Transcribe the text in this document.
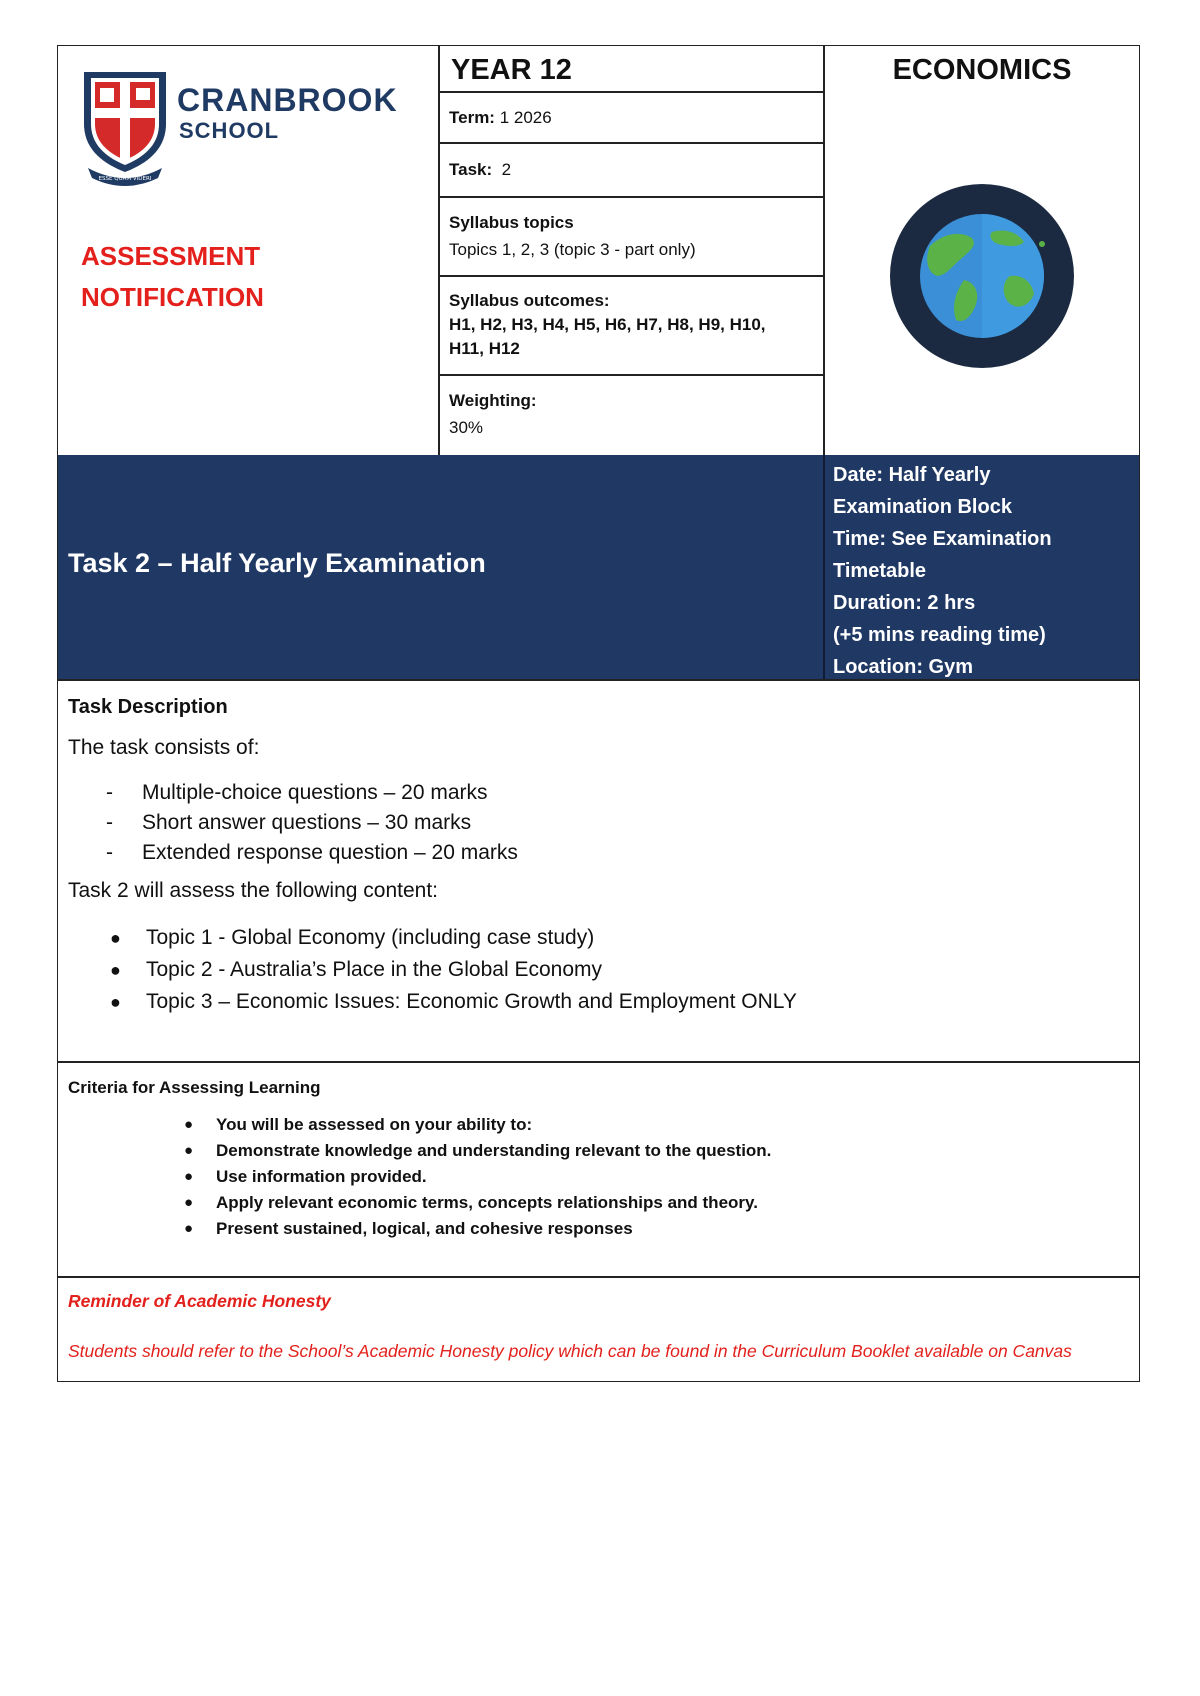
ESSE QUAM VIDERI
CRANBROOK
SCHOOL
ASSESSMENT
NOTIFICATION
YEAR 12
Term: 1 2026
Task: 2
Syllabus topics
Topics 1, 2, 3 (topic 3 - part only)
Syllabus outcomes:
H1, H2, H3, H4, H5, H6, H7, H8, H9, H10,
H11, H12
Weighting:
30%
ECONOMICS
Task 2 – Half Yearly Examination
Date: Half Yearly
Examination Block
Time: See Examination
Timetable
Duration: 2 hrs
(+5 mins reading time)
Location: Gym
Task Description
The task consists of:
-	Multiple-choice questions – 20 marks
-	Short answer questions – 30 marks
-	Extended response question – 20 marks
Task 2 will assess the following content:
●	Topic 1 - Global Economy (including case study)
●	Topic 2 - Australia’s Place in the Global Economy
●	Topic 3 – Economic Issues: Economic Growth and Employment ONLY
Criteria for Assessing Learning
●	You will be assessed on your ability to:
●	Demonstrate knowledge and understanding relevant to the question.
●	Use information provided.
●	Apply relevant economic terms, concepts relationships and theory.
●	Present sustained, logical, and cohesive responses
Reminder of Academic Honesty
Students should refer to the School’s Academic Honesty policy which can be found in the Curriculum Booklet available on Canvas
